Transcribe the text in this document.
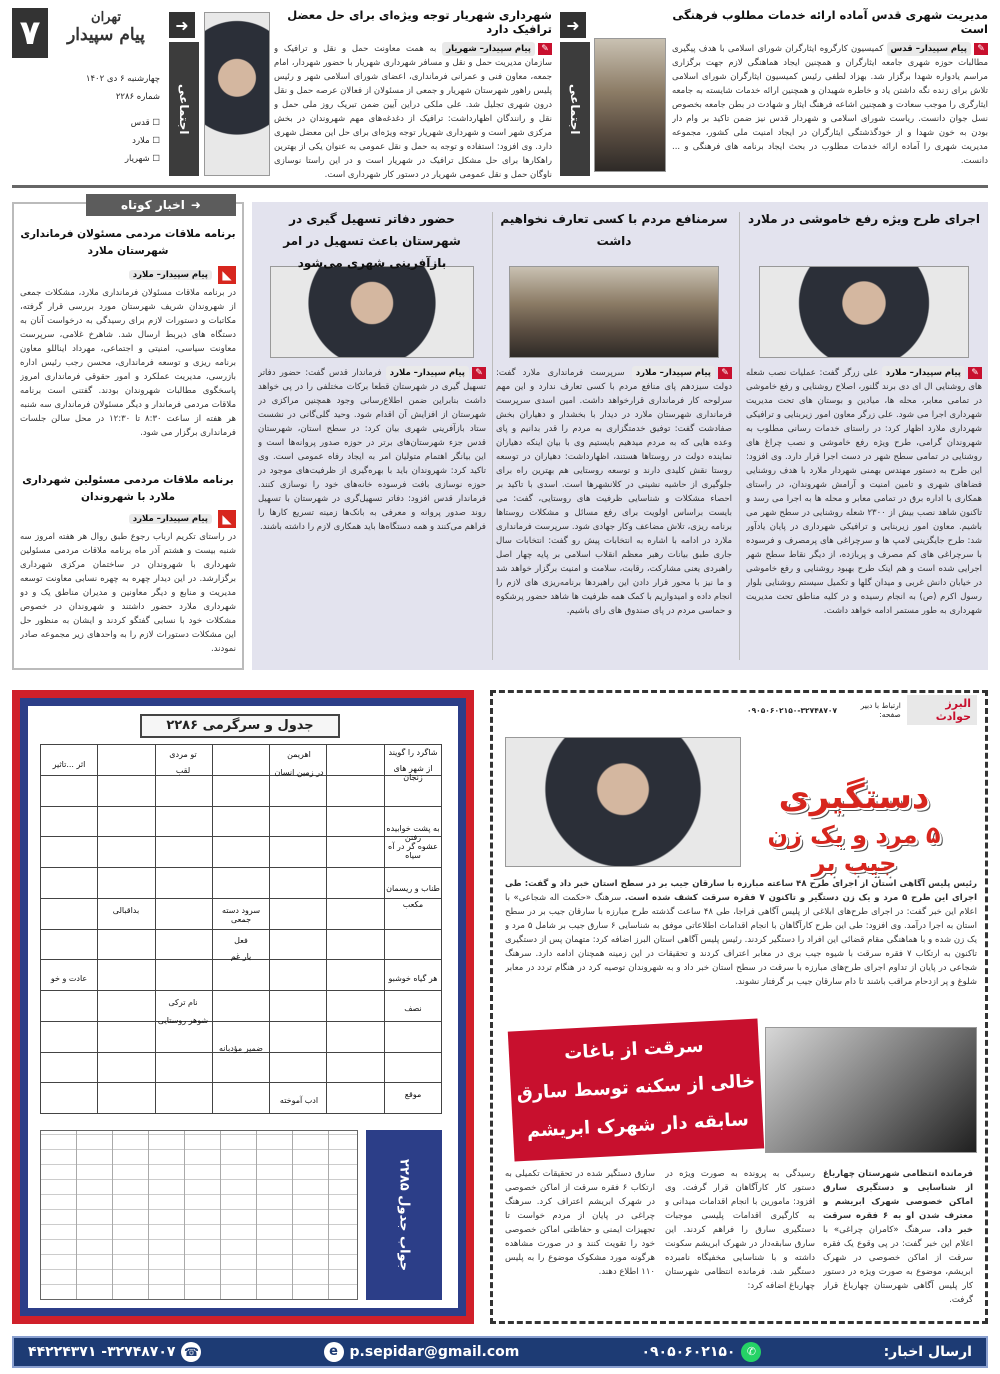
۷	تهران
پیام سپیدار
چهارشنبه ۶ دی ۱۴۰۲
شماره ۲۲۸۶
☐ قدس
☐ ملارد
☐ شهریار
➜
اجتماعی
شهرداری شهریار توجه ویژه‌ای برای حل معضل ترافیک دارد
✎پیام سپیدار– شهریار به همت معاونت حمل و نقل و ترافیک و سازمان مدیریت حمل و نقل و مسافر شهرداری شهریار با حضور شهردار، امام جمعه، معاون فنی و عمرانی فرمانداری، اعضای شورای اسلامی شهر و رئیس پلیس راهور شهرستان شهریار و جمعی از مسئولان از فعالان عرصه حمل و نقل درون شهری تجلیل شد. علی ملکی دراین آیین ضمن تبریک روز ملی حمل و نقل و رانندگان اظهارداشت: ترافیک از دغدغه‌های مهم شهروندان در بخش مرکزی شهر است و شهرداری شهریار توجه ویژه‌ای برای حل این معضل شهری دارد. وی افزود: استفاده و توجه به حمل و نقل عمومی به عنوان یکی از بهترین راهکارها برای حل مشکل ترافیک در شهریار است و در این راستا نوسازی ناوگان حمل و نقل عمومی شهریار در دستور کار شهرداری است.
➜
اجتماعی
مدیریت شهری قدس آماده ارائه خدمات مطلوب فرهنگی است
✎پیام سپیدار– قدس کمیسیون کارگروه ایثارگران شورای اسلامی با هدف پیگیری مطالبات حوزه شهری جامعه ایثارگران و همچنین ایجاد هماهنگی لازم جهت برگزاری مراسم یادواره شهدا برگزار شد. بهزاد لطفی رئیس کمیسیون ایثارگران شورای اسلامی تلاش برای زنده نگه داشتن یاد و خاطره شهیدان و همچنین ارائه خدمات شایسته به جامعه ایثارگری را موجب سعادت و همچنین اشاعه فرهنگ ایثار و شهادت در بطن جامعه بخصوص نسل جوان دانست. ریاست شورای اسلامی و شهردار قدس نیز ضمن تاکید بر وام دار بودن به خون شهدا و از خودگذشتگی ایثارگران در ایجاد امنیت ملی کشور، مجموعه مدیریت شهری را آماده ارائه خدمات مطلوب در بحث ایجاد برنامه های فرهنگی و ... دانست.
➜
اخبار کوتاه
برنامه ملاقات مردمی مسئولان فرمانداری شهرستان ملارد
◣
پیام سپیدار– ملارد
در برنامه ملاقات مسئولان فرمانداری ملارد، مشکلات جمعی از شهروندان شریف شهرستان مورد بررسی قرار گرفته، مکاتبات و دستورات لازم برای رسیدگی به درخواست آنان به دستگاه های ذیربط ارسال شد. شاهرخ غلامی، سرپرست معاونت سیاسی، امنیتی و اجتماعی، مهرداد ایناللو معاون برنامه ریزی و توسعه فرمانداری، محسن رجب رئیس اداره بازرسی، مدیریت عملکرد و امور حقوقی فرمانداری امروز پاسخگوی مطالبات شهروندان بودند. گفتنی است برنامه ملاقات مردمی فرماندار و دیگر مسئولان فرمانداری سه شنبه هر هفته از ساعت ۸:۳۰ تا ۱۲:۳۰ در محل سالن جلسات فرمانداری برگزار می شود.
برنامه ملاقات مردمی مسئولین شهرداری ملارد با شهروندان
◣
پیام سپیدار– ملارد
در راستای تکریم ارباب رجوع طبق روال هر هفته امروز سه شنبه بیست و هشتم آذر ماه برنامه ملاقات مردمی مسئولین شهرداری با شهروندان در ساختمان مرکزی شهرداری برگزارشد. در این دیدار چهره به چهره نسابی معاونت توسعه مدیریت و منابع و دیگر معاونین و مدیران مناطق یک و دو شهرداری ملارد حضور داشتند و شهروندان در خصوص مشکلات خود با نسابی گفتگو کردند و ایشان به منظور حل این مشکلات دستورات لازم را به واحدهای زیر مجموعه صادر نمودند.
اجرای طرح ویژه رفع خاموشی در ملارد
✎پیام سپیدار– ملارد علی زرگر گفت: عملیات نصب شعله های روشنایی ال ای دی برند گلنور، اصلاح روشنایی و رفع خاموشی در تمامی معابر، محله ها، میادین و بوستان های تحت مدیریت شهرداری اجرا می شود. علی زرگر معاون امور زیربنایی و ترافیکی شهرداری ملارد اظهار کرد: در راستای خدمات رسانی مطلوب به شهروندان گرامی، طرح ویژه رفع خاموشی و نصب چراغ های روشنایی در تمامی سطح شهر در دست اجرا قرار دارد. وی افزود: این طرح به دستور مهندس بهمنی شهردار ملارد با هدف روشنایی فضاهای شهری و تامین امنیت و آرامش شهروندان، در راستای همکاری با اداره برق در تمامی معابر و محله ها به اجرا می رسد و تاکنون شاهد نصب بیش از ۲۳۰۰ شعله روشنایی در سطح شهر می باشیم. معاون امور زیربنایی و ترافیکی شهرداری در پایان یادآور شد: طرح جایگزینی لامپ ها و سرچراغی های پرمصرف و فرسوده با سرچراغی های کم مصرف و پربازده، از دیگر نقاط سطح شهر اجرایی شده است و هم اینک طرح بهبود روشنایی و رفع خاموشی در خیابان دانش غربی و میدان گلها و تکمیل سیستم روشنایی بلوار رسول اکرم (ص) به انجام رسیده و در کلیه مناطق تحت مدیریت شهرداری به طور مستمر ادامه خواهد داشت.
سرمنافع مردم با کسی تعارف نخواهیم داشت
✎پیام سپیدار– ملارد سرپرست فرمانداری ملارد گفت: دولت سیزدهم پای منافع مردم با کسی تعارف ندارد و این مهم سرلوحه کار فرمانداری قرارخواهد داشت. امین اسدی سرپرست فرمانداری شهرستان ملارد در دیدار با بخشدار و دهیاران بخش صفادشت گفت: توفیق خدمتگزاری به مردم را قدر بدانیم و پای وعده هایی که به مردم میدهیم بایستیم وی با بیان اینکه دهیاران نماینده دولت در روستاها هستند، اظهارداشت: دهیاران در توسعه روستا نقش کلیدی دارند و توسعه روستایی هم بهترین راه برای جلوگیری از حاشیه نشینی در کلانشهرها است. اسدی با تاکید بر احصاء مشکلات و شناسایی ظرفیت های روستایی، گفت: می بایست براساس اولویت برای رفع مسائل و مشکلات روستاها برنامه ریزی، تلاش مضاعف وکار جهادی شود. سرپرست فرمانداری ملارد در ادامه با اشاره به انتخابات پیش رو گفت: انتخابات سال جاری طبق بیانات رهبر معظم انقلاب اسلامی بر پایه چهار اصل راهبردی یعنی مشارکت، رقابت، سلامت و امنیت برگزار خواهد شد و ما نیز با محور قرار دادن این راهبردها برنامه‌ریزی های لازم را انجام داده و امیدواریم با کمک همه ظرفیت ها شاهد حضور پرشکوه و حماسی مردم در پای صندوق های رای باشیم.
حضور دفاتر تسهیل گیری در شهرستان باعث تسهیل در امر بازآفرینی شهری می‌شود
✎پیام سپیدار– ملارد فرماندار قدس گفت: حضور دفاتر تسهیل گیری در شهرستان قطعا برکات مختلفی را در پی خواهد داشت بنابراین ضمن اطلاع‌رسانی وجود همچنین مراکزی در شهرستان از افزایش آن اقدام شود. وحید گلی‌گانی در نشست ستاد بازآفرینی شهری بیان کرد: در سطح استان، شهرستان قدس جزء شهرستان‌های برتر در حوزه صدور پروانه‌ها است و این بیانگر اهتمام متولیان امر به ایجاد رفاه عمومی است. وی تاکید کرد: شهروندان باید با بهره‌گیری از ظرفیت‌های موجود در حوزه نوسازی بافت فرسوده خانه‌های خود را نوسازی کنند. فرماندار قدس افزود: دفاتر تسهیل‌گری در شهرستان با تسهیل روند صدور پروانه و معرفی به بانک‌ها زمینه تسریع کارها را فراهم می‌کنند و همه دستگاه‌ها باید همکاری لازم را داشته باشند.
جدول و سرگرمی ۲۲۸۶
شاگرد را گویند
اهریمن
تو مردی
اثر ...تاثیر	از شهر های زنجان
در زمین انسان
لقب
به پشت خوابیده رفتن
عشوه گر در آه سیاه
طناب و ریسمان
مکعب
سرود دسته جمعی
بداقبالی
فعل
یار غم
هر گیاه خوشبو
عادت و خو
نام ترکی
نصف
شوهر روستایی
ضمیر مؤدبانه
موقع
ادب آموخته
جواب جدول ۲۲۸۵
البرز حوادث
ارتباط با دبیر صفحه:
۰۹۰۵۰۶۰۲۱۵۰-۳۲۷۴۸۷۰۷
دستگیری
۵ مرد و یک زن جیب بر
رئیس پلیس آگاهی استان از اجرای طرح ۴۸ ساعته مبارزه با سارقان جیب بر در سطح استان خبر داد و گفت: طی اجرای این طرح ۵ مرد و یک زن دستگیر و تاکنون ۷ فقره سرقت کشف شده است. سرهنگ «حکمت اله شجاعی» با اعلام این خبر گفت: در اجرای طرح‌های ابلاغی از پلیس آگاهی فراجا، طی ۴۸ ساعت گذشته طرح مبارزه با سارقان جیب بر در سطح استان به اجرا درآمد. وی افزود: طی این طرح کارآگاهان با انجام اقدامات اطلاعاتی موفق به شناسایی ۶ سارق جیب بر شامل ۵ مرد و یک زن شده و با هماهنگی مقام قضائی این افراد را دستگیر کردند. رئیس پلیس آگاهی استان البرز اضافه کرد: متهمان پس از دستگیری تاکنون به ارتکاب ۷ فقره سرقت با شیوه جیب بری در معابر اعتراف کردند و تحقیقات در این زمینه همچنان ادامه دارد. سرهنگ شجاعی در پایان از تداوم اجرای طرح‌های مبارزه با سرقت در سطح استان خبر داد و به شهروندان توصیه کرد در هنگام تردد در معابر شلوغ و پر ازدحام مراقب باشند تا دام سارقان جیب بر گرفتار نشوند.
سرقت از باغات
خالی از سکنه توسط سارق
سابقه دار شهرک ابریشم
فرمانده انتظامی شهرستان چهارباغ از شناسایی و دستگیری سارق اماکن خصوصی شهرک ابریشم و معترف شدن او به ۶ فقره سرقت خبر داد. سرهنگ «کامران چراغی» با اعلام این خبر گفت: در پی وقوع یک فقره سرقت از اماکن خصوصی در شهرک ابریشم، موضوع به صورت ویژه در دستور کار پلیس آگاهی شهرستان چهارباغ قرار گرفت.
رسیدگی به پرونده به صورت ویژه در دستور کار کارآگاهان قرار گرفت. وی افزود: مامورین با انجام اقدامات میدانی و به کارگیری اقدامات پلیسی موجبات دستگیری سارق را فراهم کردند. این سارق سابقه‌دار در شهرک ابریشم سکونت داشته و با شناسایی مخفیگاه نامبرده دستگیر شد. فرمانده انتظامی شهرستان چهارباغ اضافه کرد:
سارق دستگیر شده در تحقیقات تکمیلی به ارتکاب ۶ فقره سرقت از اماکن خصوصی در شهرک ابریشم اعتراف کرد. سرهنگ چراغی در پایان از مردم خواست تا تجهیزات ایمنی و حفاظتی اماکن خصوصی خود را تقویت کنند و در صورت مشاهده هرگونه مورد مشکوک موضوع را به پلیس ۱۱۰ اطلاع دهند.
ارسال اخبار:
✆
۰۹۰۵۰۶۰۲۱۵۰
e p.sepidar@gmail.com
☎
۳۲۷۴۸۷۰۷- ۴۴۲۲۴۳۷۱
